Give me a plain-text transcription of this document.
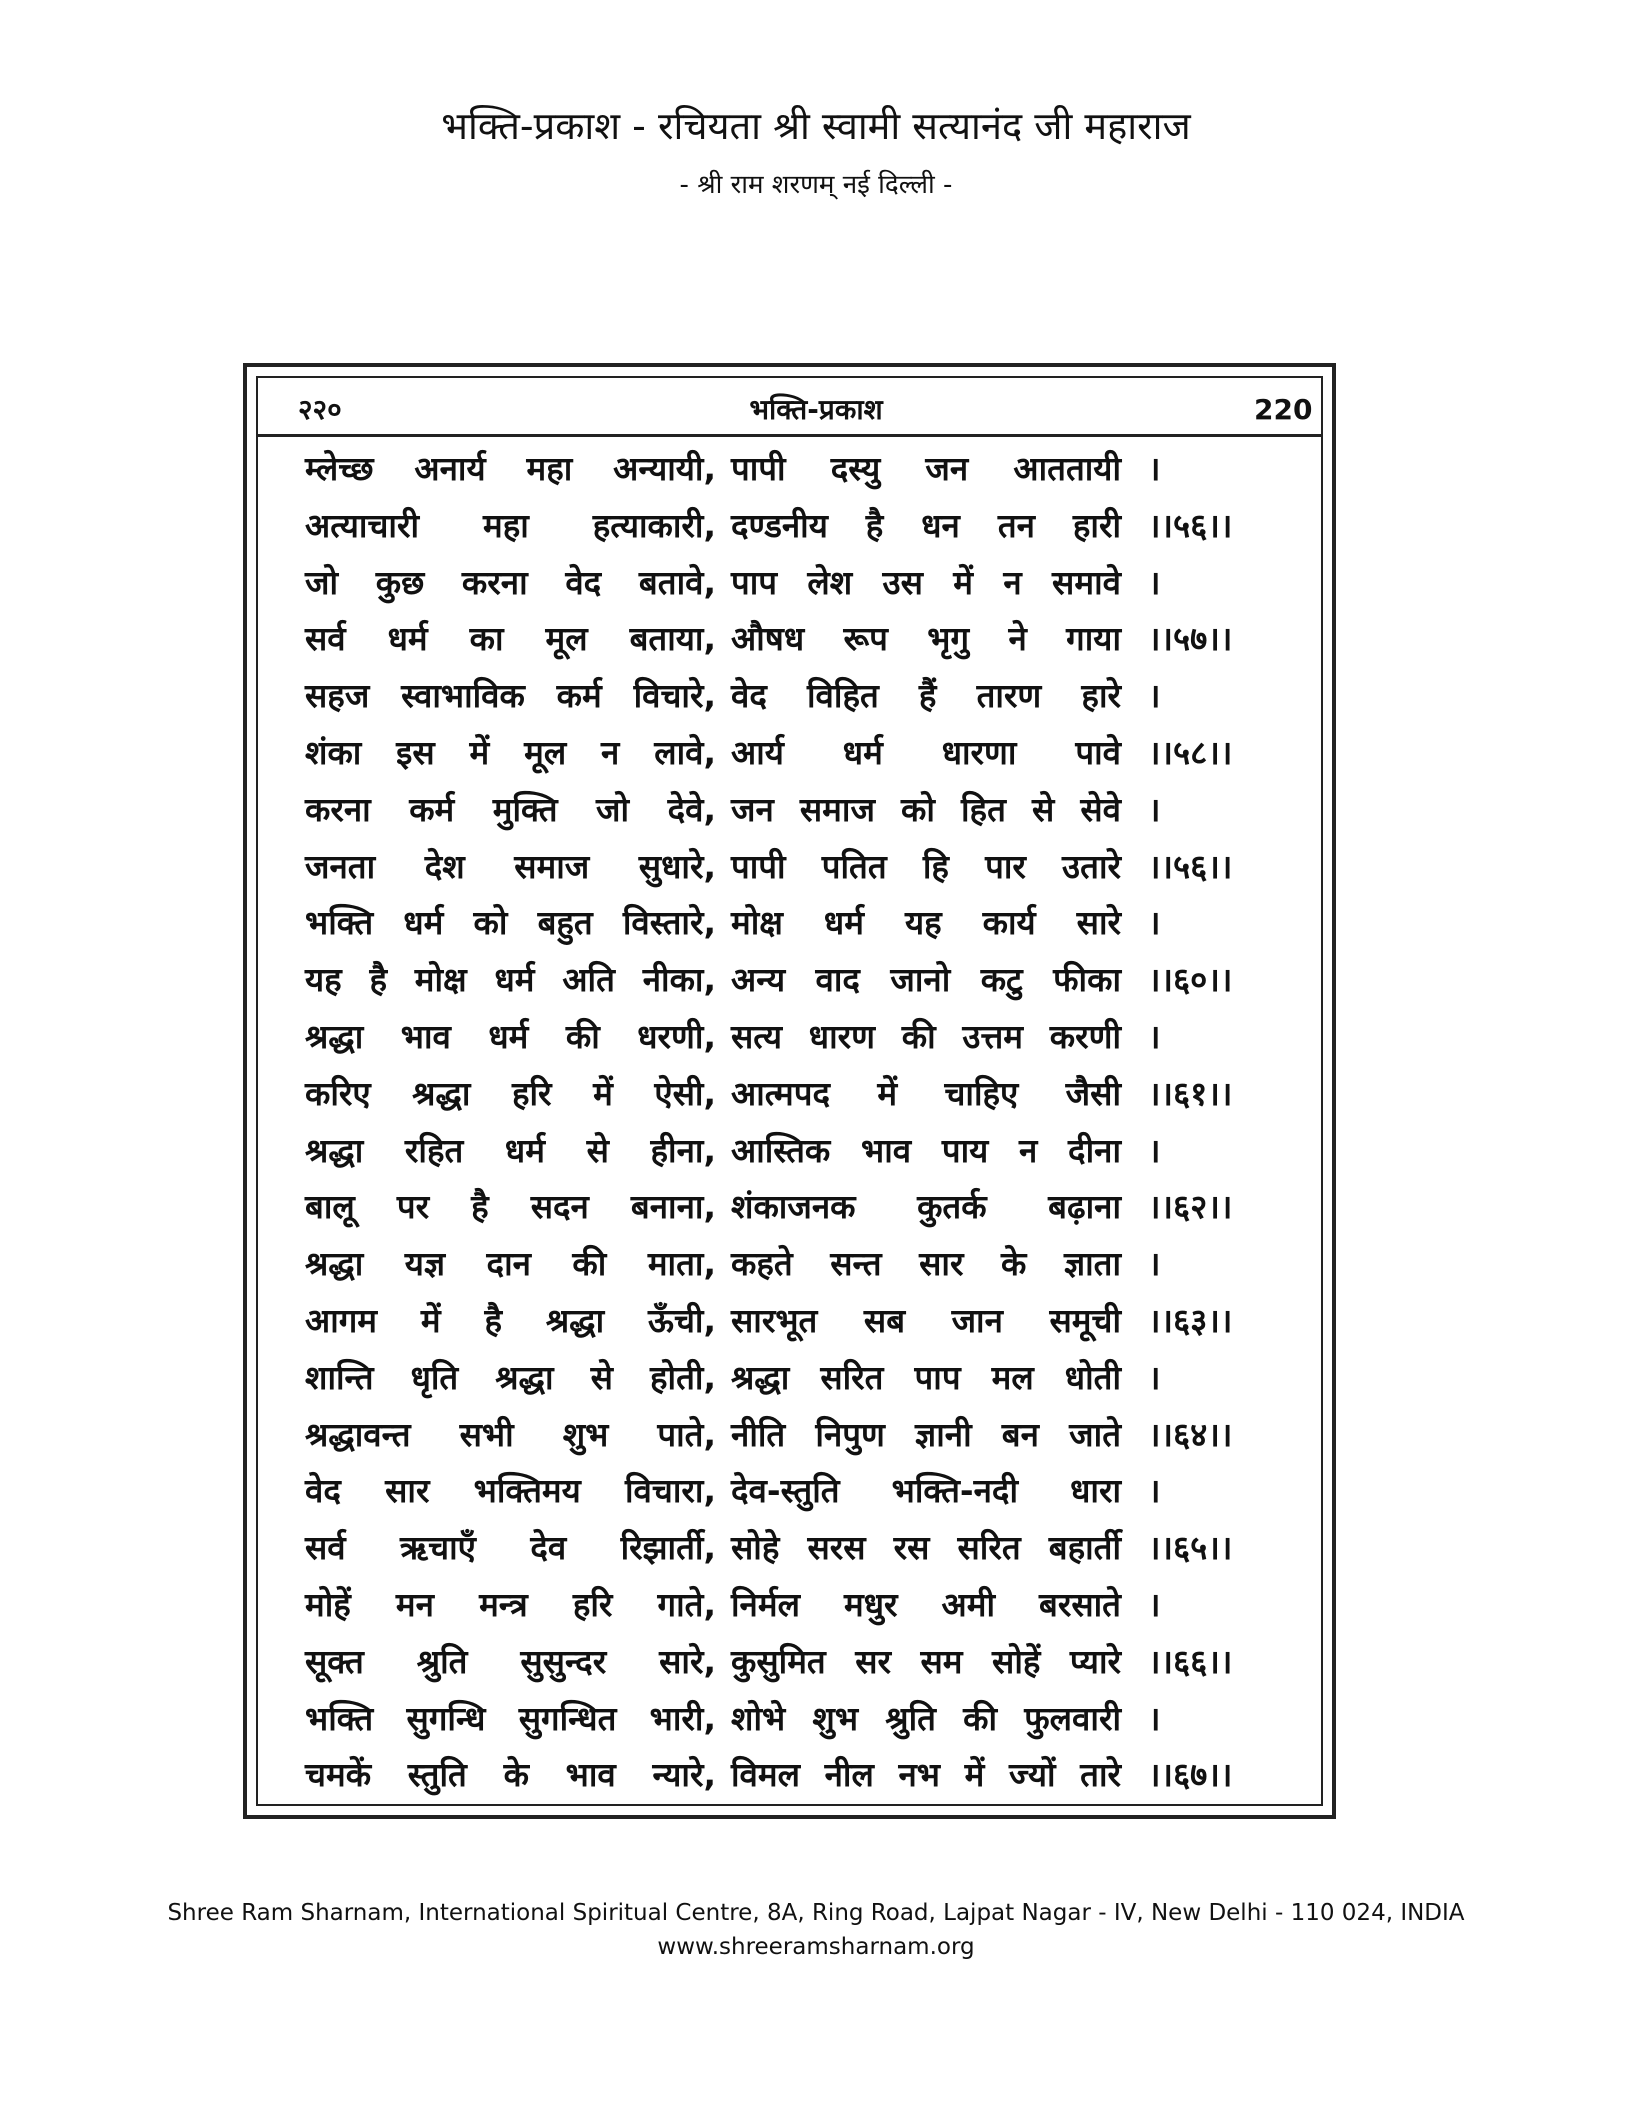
भक्ति-प्रकाश - रचियता श्री स्वामी सत्यानंद जी महाराज
- श्री राम शरणम् नई दिल्ली -
२२०	भक्ति-प्रकाश	220
म्लेच्छ अनार्य महा अन्यायी, पापी दस्यु जन आततायी ।
अत्याचारी महा हत्याकारी, दण्डनीय है धन तन हारी ।।५६।।
जो कुछ करना वेद बतावे, पाप लेश उस में न समावे ।
सर्व धर्म का मूल बताया, औषध रूप भृगु ने गाया ।।५७।।
सहज स्वाभाविक कर्म विचारे, वेद विहित हैं तारण हारे ।
शंका इस में मूल न लावे, आर्य धर्म धारणा पावे ।।५८।।
करना कर्म मुक्ति जो देवे, जन समाज को हित से सेवे ।
जनता देश समाज सुधारे, पापी पतित हि पार उतारे ।।५६।।
भक्ति धर्म को बहुत विस्तारे, मोक्ष धर्म यह कार्य सारे ।
यह है मोक्ष धर्म अति नीका, अन्य वाद जानो कटु फीका ।।६०।।
श्रद्धा भाव धर्म की धरणी, सत्य धारण की उत्तम करणी ।
करिए श्रद्धा हरि में ऐसी, आत्मपद में चाहिए जैसी ।।६१।।
श्रद्धा रहित धर्म से हीना, आस्तिक भाव पाय न दीना ।
बालू पर है सदन बनाना, शंकाजनक कुतर्क बढ़ाना ।।६२।।
श्रद्धा यज्ञ दान की माता, कहते सन्त सार के ज्ञाता ।
आगम में है श्रद्धा ऊँची, सारभूत सब जान समूची ।।६३।।
शान्ति धृति श्रद्धा से होती, श्रद्धा सरित पाप मल धोती ।
श्रद्धावन्त सभी शुभ पाते, नीति निपुण ज्ञानी बन जाते ।।६४।।
वेद सार भक्तिमय विचारा, देव-स्तुति भक्ति-नदी धारा ।
सर्व ऋचाएँ देव रिझार्ती, सोहे सरस रस सरित बहार्ती ।।६५।।
मोहें मन मन्त्र हरि गाते, निर्मल मधुर अमी बरसाते ।
सूक्त श्रुति सुसुन्दर सारे, कुसुमित सर सम सोहें प्यारे ।।६६।।
भक्ति सुगन्धि सुगन्धित भारी, शोभे शुभ श्रुति की फुलवारी ।
चमकें स्तुति के भाव न्यारे, विमल नील नभ में ज्यों तारे ।।६७।।
Shree Ram Sharnam, International Spiritual Centre, 8A, Ring Road, Lajpat Nagar - IV, New Delhi - 110 024, INDIA
www.shreeramsharnam.org
